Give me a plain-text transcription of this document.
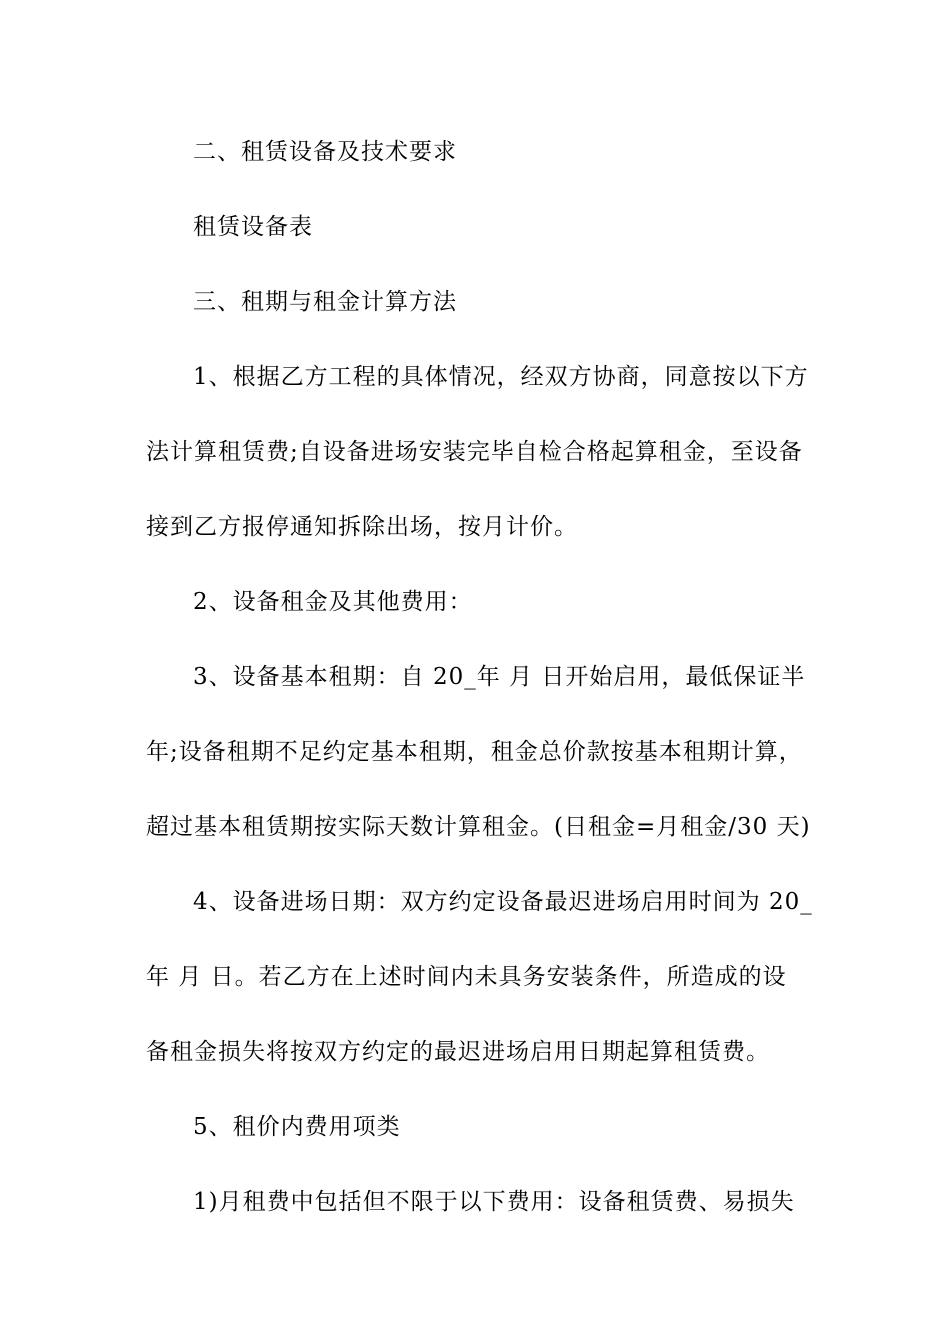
二、租赁设备及技术要求
租赁设备表
三、租期与租金计算方法
1、根据乙方工程的具体情况，经双方协商，同意按以下方
法计算租赁费;自设备进场安装完毕自检合格起算租金，至设备
接到乙方报停通知拆除出场，按月计价。
2、设备租金及其他费用：
3、设备基本租期：自 20_年 月 日开始启用，最低保证半
年;设备租期不足约定基本租期，租金总价款按基本租期计算，
超过基本租赁期按实际天数计算租金。(日租金=月租金/30 天)
4、设备进场日期：双方约定设备最迟进场启用时间为 20_
年 月 日。若乙方在上述时间内未具务安装条件，所造成的设
备租金损失将按双方约定的最迟进场启用日期起算租赁费。
5、租价内费用项类
1)月租费中包括但不限于以下费用：设备租赁费、易损失
